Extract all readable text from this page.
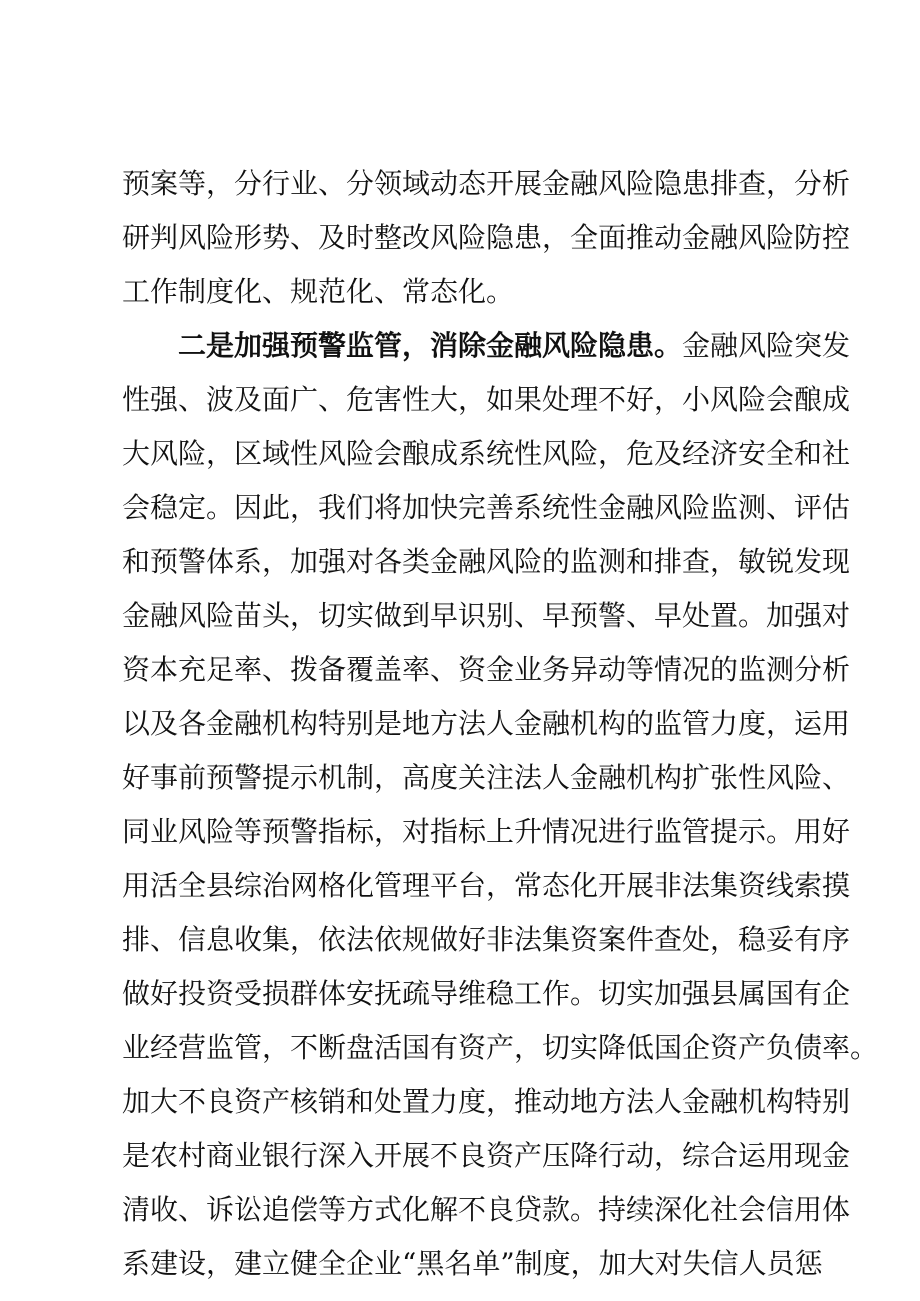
预案等，分行业、分领域动态开展金融风险隐患排查，分析
研判风险形势、及时整改风险隐患，全面推动金融风险防控
工作制度化、规范化、常态化。
二是加强预警监管，消除金融风险隐患。金融风险突发
性强、波及面广、危害性大，如果处理不好，小风险会酿成
大风险，区域性风险会酿成系统性风险，危及经济安全和社
会稳定。因此，我们将加快完善系统性金融风险监测、评估
和预警体系，加强对各类金融风险的监测和排查，敏锐发现
金融风险苗头，切实做到早识别、早预警、早处置。加强对
资本充足率、拨备覆盖率、资金业务异动等情况的监测分析
以及各金融机构特别是地方法人金融机构的监管力度，运用
好事前预警提示机制，高度关注法人金融机构扩张性风险、
同业风险等预警指标，对指标上升情况进行监管提示。用好
用活全县综治网格化管理平台，常态化开展非法集资线索摸
排、信息收集，依法依规做好非法集资案件查处，稳妥有序
做好投资受损群体安抚疏导维稳工作。切实加强县属国有企
业经营监管，不断盘活国有资产，切实降低国企资产负债率。
加大不良资产核销和处置力度，推动地方法人金融机构特别
是农村商业银行深入开展不良资产压降行动，综合运用现金
清收、诉讼追偿等方式化解不良贷款。持续深化社会信用体
系建设，建立健全企业“黑名单”制度，加大对失信人员惩
